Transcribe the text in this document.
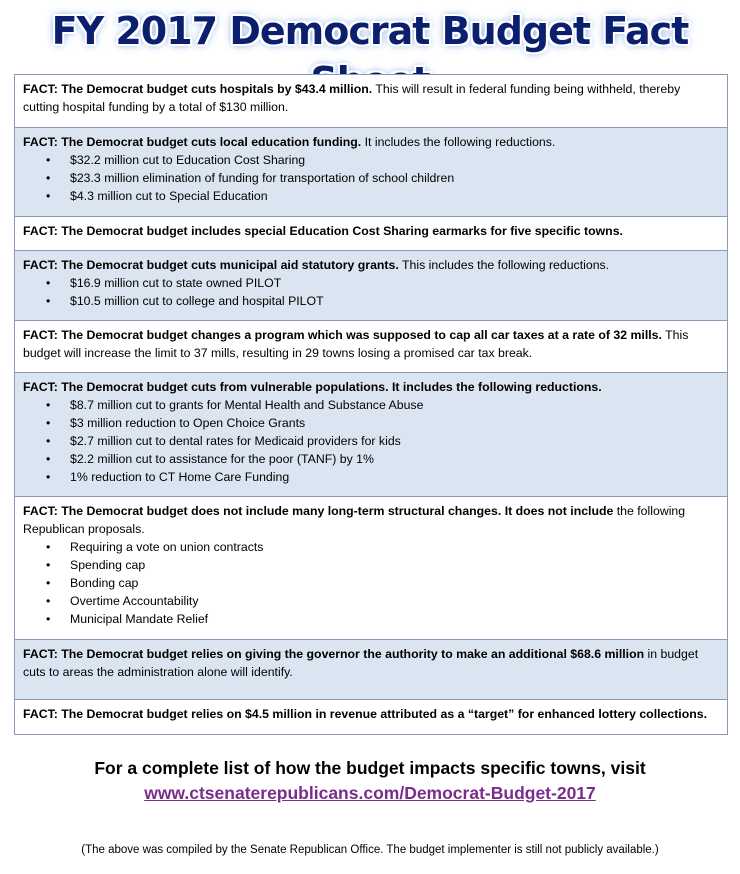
FY 2017 Democrat Budget Fact
FACT: The Democrat budget cuts hospitals by $43.4 million. This will result in federal funding being withheld, thereby cutting hospital funding by a total of $130 million.
FACT: The Democrat budget cuts local education funding. It includes the following reductions.
• $32.2 million cut to Education Cost Sharing
• $23.3 million elimination of funding for transportation of school children
• $4.3 million cut to Special Education
FACT: The Democrat budget includes special Education Cost Sharing earmarks for five specific towns.
FACT: The Democrat budget cuts municipal aid statutory grants. This includes the following reductions.
• $16.9 million cut to state owned PILOT
• $10.5 million cut to college and hospital PILOT
FACT: The Democrat budget changes a program which was supposed to cap all car taxes at a rate of 32 mills. This budget will increase the limit to 37 mills, resulting in 29 towns losing a promised car tax break.
FACT: The Democrat budget cuts from vulnerable populations. It includes the following reductions.
• $8.7 million cut to grants for Mental Health and Substance Abuse
• $3 million reduction to Open Choice Grants
• $2.7 million cut to dental rates for Medicaid providers for kids
• $2.2 million cut to assistance for the poor (TANF) by 1%
• 1% reduction to CT Home Care Funding
FACT: The Democrat budget does not include many long-term structural changes. It does not include the following Republican proposals.
• Requiring a vote on union contracts
• Spending cap
• Bonding cap
• Overtime Accountability
• Municipal Mandate Relief
FACT: The Democrat budget relies on giving the governor the authority to make an additional $68.6 million in budget cuts to areas the administration alone will identify.
FACT: The Democrat budget relies on $4.5 million in revenue attributed as a “target” for enhanced lottery collections.
For a complete list of how the budget impacts specific towns, visit
www.ctsenaterepublicans.com/Democrat-Budget-2017
(The above was compiled by the Senate Republican Office. The budget implementer is still not publicly available.)
